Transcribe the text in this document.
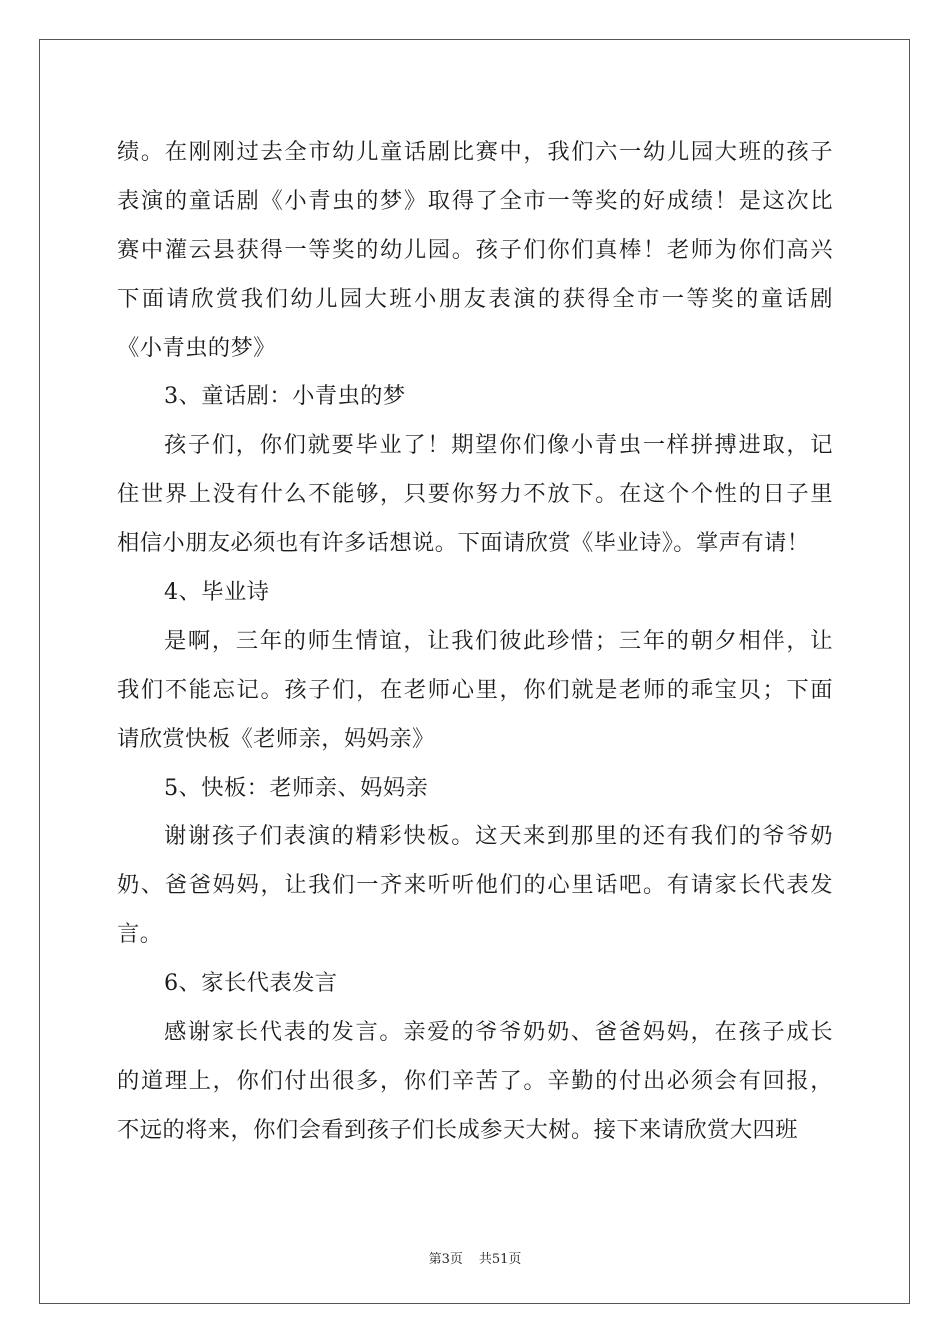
绩。在刚刚过去全市幼儿童话剧比赛中，我们六一幼儿园大班的孩子
表演的童话剧《小青虫的梦》取得了全市一等奖的好成绩！是这次比
赛中灌云县获得一等奖的幼儿园。孩子们你们真棒！老师为你们高兴
下面请欣赏我们幼儿园大班小朋友表演的获得全市一等奖的童话剧
《小青虫的梦》
3、童话剧：小青虫的梦
孩子们，你们就要毕业了！期望你们像小青虫一样拼搏进取，记
住世界上没有什么不能够，只要你努力不放下。在这个个性的日子里
相信小朋友必须也有许多话想说。下面请欣赏《毕业诗》。掌声有请！
4、毕业诗
是啊，三年的师生情谊，让我们彼此珍惜；三年的朝夕相伴，让
我们不能忘记。孩子们，在老师心里，你们就是老师的乖宝贝；下面
请欣赏快板《老师亲，妈妈亲》
5、快板：老师亲、妈妈亲
谢谢孩子们表演的精彩快板。这天来到那里的还有我们的爷爷奶
奶、爸爸妈妈，让我们一齐来听听他们的心里话吧。有请家长代表发
言。
6、家长代表发言
感谢家长代表的发言。亲爱的爷爷奶奶、爸爸妈妈，在孩子成长
的道理上，你们付出很多，你们辛苦了。辛勤的付出必须会有回报，
不远的将来，你们会看到孩子们长成参天大树。接下来请欣赏大四班
第3页 共51页
